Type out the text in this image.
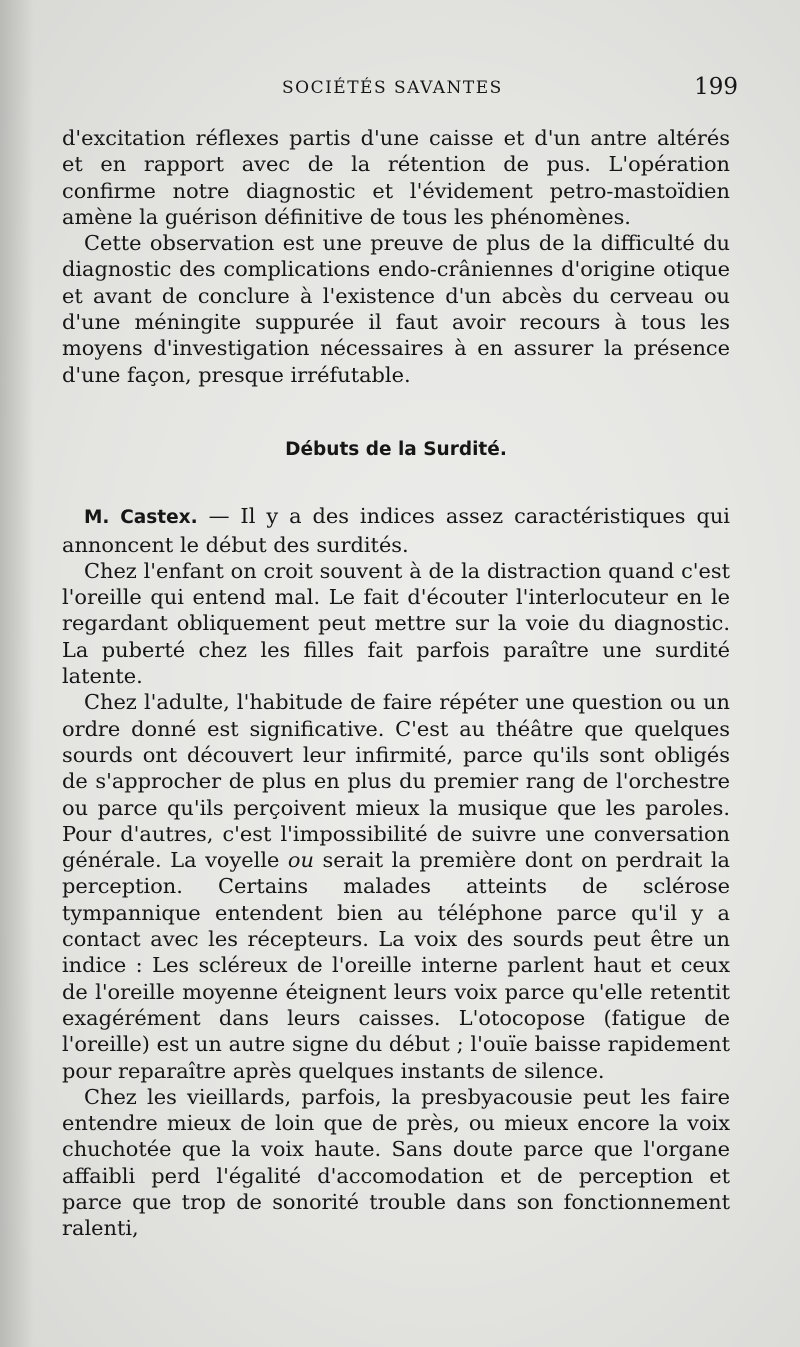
SOCIÉTÉS SAVANTES	199

d'excitation réflexes partis d'une caisse et d'un antre altérés et en rapport avec de la rétention de pus. L'opération confirme notre diagnostic et l'évidement petro-mastoïdien amène la guérison définitive de tous les phénomènes.

Cette observation est une preuve de plus de la difficulté du diagnostic des complications endo-crâniennes d'origine otique et avant de conclure à l'existence d'un abcès du cerveau ou d'une méningite suppurée il faut avoir recours à tous les moyens d'investigation nécessaires à en assurer la présence d'une façon, presque irréfutable.

Débuts de la Surdité.

M. Castex. — Il y a des indices assez caractéristiques qui annoncent le début des surdités.

Chez l'enfant on croit souvent à de la distraction quand c'est l'oreille qui entend mal. Le fait d'écouter l'interlocuteur en le regardant obliquement peut mettre sur la voie du diagnostic. La puberté chez les filles fait parfois paraître une surdité latente.

Chez l'adulte, l'habitude de faire répéter une question ou un ordre donné est significative. C'est au théâtre que quelques sourds ont découvert leur infirmité, parce qu'ils sont obligés de s'approcher de plus en plus du premier rang de l'orchestre ou parce qu'ils perçoivent mieux la musique que les paroles. Pour d'autres, c'est l'impossibilité de suivre une conversation générale. La voyelle ou serait la première dont on perdrait la perception. Certains malades atteints de sclérose tympannique entendent bien au téléphone parce qu'il y a contact avec les récepteurs. La voix des sourds peut être un indice : Les scléreux de l'oreille interne parlent haut et ceux de l'oreille moyenne éteignent leurs voix parce qu'elle retentit exagérément dans leurs caisses. L'otocopose (fatigue de l'oreille) est un autre signe du début ; l'ouïe baisse rapidement pour reparaître après quelques instants de silence.

Chez les vieillards, parfois, la presbyacousie peut les faire entendre mieux de loin que de près, ou mieux encore la voix chuchotée que la voix haute. Sans doute parce que l'organe affaibli perd l'égalité d'accomodation et de perception et parce que trop de sonorité trouble dans son fonctionnement ralenti,
